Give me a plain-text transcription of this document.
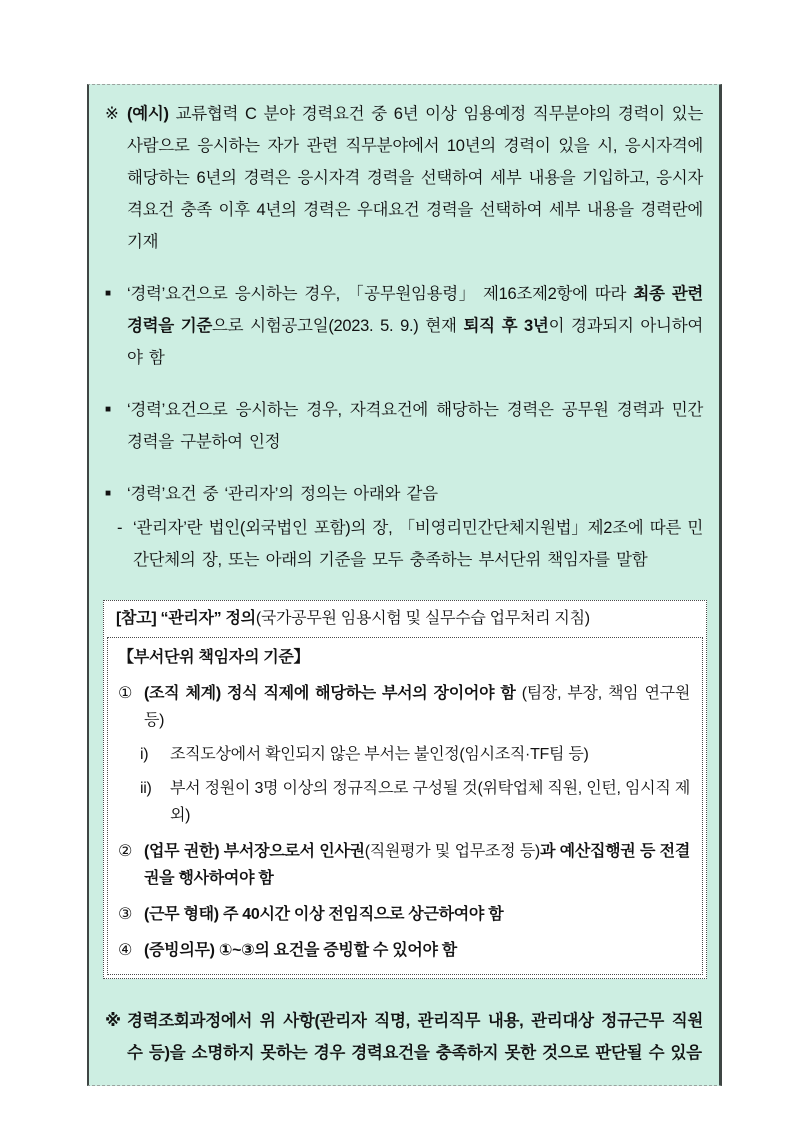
※ (예시) 교류협력 C 분야 경력요건 중 6년 이상 임용예정 직무분야의 경력이 있는 사람으로 응시하는 자가 관련 직무분야에서 10년의 경력이 있을 시, 응시자격에 해당하는 6년의 경력은 응시자격 경력을 선택하여 세부 내용을 기입하고, 응시자격요건 충족 이후 4년의 경력은 우대요건 경력을 선택하여 세부 내용을 경력란에 기재
■ ‘경력’요건으로 응시하는 경우, 「공무원임용령」 제16조제2항에 따라 최종 관련경력을 기준으로 시험공고일(2023. 5. 9.) 현재 퇴직 후 3년이 경과되지 아니하여야 함
■ ‘경력’요건으로 응시하는 경우, 자격요건에 해당하는 경력은 공무원 경력과 민간경력을 구분하여 인정
■ ‘경력’요건 중 ‘관리자’의 정의는 아래와 같음
- ‘관리자’란 법인(외국법인 포함)의 장, 「비영리민간단체지원법」제2조에 따른 민간단체의 장, 또는 아래의 기준을 모두 충족하는 부서단위 책임자를 말함
[참고] “관리자” 정의(국가공무원 임용시험 및 실무수습 업무처리 지침)
【부서단위 책임자의 기준】
① (조직 체계) 정식 직제에 해당하는 부서의 장이어야 함 (팀장, 부장, 책임 연구원 등)
i)	조직도상에서 확인되지 않은 부서는 불인정(임시조직·TF팀 등)
ii)	부서 정원이 3명 이상의 정규직으로 구성될 것(위탁업체 직원, 인턴, 임시직 제외)
② (업무 권한) 부서장으로서 인사권(직원평가 및 업무조정 등)과 예산집행권 등 전결권을 행사하여야 함
③ (근무 형태) 주 40시간 이상 전임직으로 상근하여야 함
④ (증빙의무) ①~③의 요건을 증빙할 수 있어야 함
※ 경력조회과정에서 위 사항(관리자 직명, 관리직무 내용, 관리대상 정규근무 직원수 등)을 소명하지 못하는 경우 경력요건을 충족하지 못한 것으로 판단될 수 있음
